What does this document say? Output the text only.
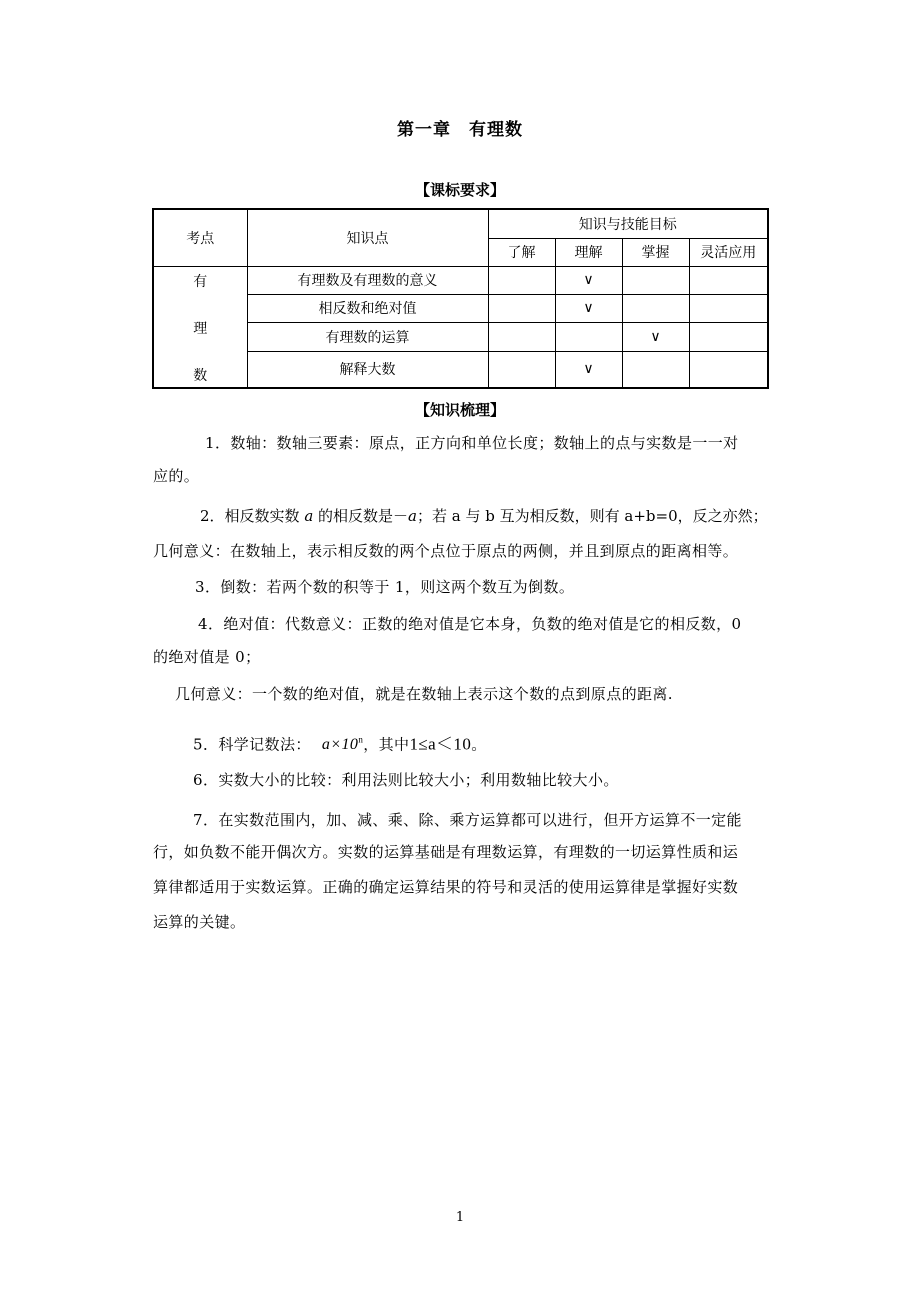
第一章　有理数
【课标要求】
考点	知识点	知识与技能目标			
		了解	理解	掌握	灵活应用

有
理
数	有理数及有理数的意义		∨		
	相反数和绝对值		∨		
	有理数的运算			∨	
	解释大数		∨		
【知识梳理】
1．数轴：数轴三要素：原点，正方向和单位长度；数轴上的点与实数是一一对
应的。
2．相反数实数 a 的相反数是－a；若 a 与 b 互为相反数，则有 a+b=0，反之亦然；
几何意义：在数轴上，表示相反数的两个点位于原点的两侧，并且到原点的距离相等。
3．倒数：若两个数的积等于 1，则这两个数互为倒数。
4．绝对值：代数意义：正数的绝对值是它本身，负数的绝对值是它的相反数，0
的绝对值是 0；
几何意义：一个数的绝对值，就是在数轴上表示这个数的点到原点的距离.
5．科学记数法： $a\times 10^n$，其中1≤a＜10。
6．实数大小的比较：利用法则比较大小；利用数轴比较大小。
7．在实数范围内，加、减、乘、除、乘方运算都可以进行，但开方运算不一定能
行，如负数不能开偶次方。实数的运算基础是有理数运算，有理数的一切运算性质和运
算律都适用于实数运算。正确的确定运算结果的符号和灵活的使用运算律是掌握好实数
运算的关键。
1
